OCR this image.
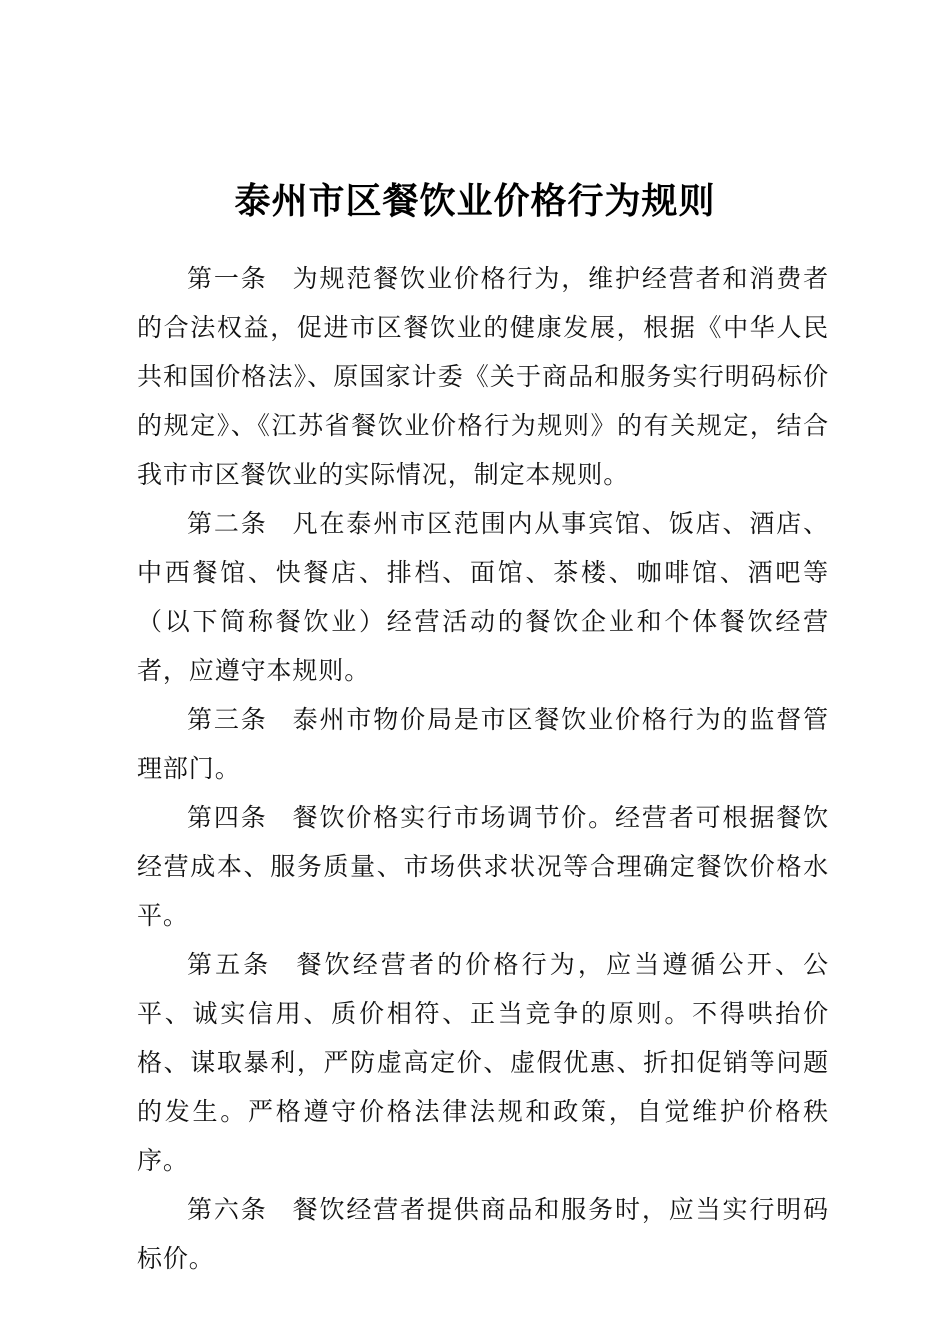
泰州市区餐饮业价格行为规则

第一条 为规范餐饮业价格行为，维护经营者和消费者的合法权益，促进市区餐饮业的健康发展，根据《中华人民共和国价格法》、原国家计委《关于商品和服务实行明码标价的规定》、《江苏省餐饮业价格行为规则》的有关规定，结合我市市区餐饮业的实际情况，制定本规则。

第二条 凡在泰州市区范围内从事宾馆、饭店、酒店、中西餐馆、快餐店、排档、面馆、茶楼、咖啡馆、酒吧等（以下简称餐饮业）经营活动的餐饮企业和个体餐饮经营者，应遵守本规则。

第三条 泰州市物价局是市区餐饮业价格行为的监督管理部门。

第四条 餐饮价格实行市场调节价。经营者可根据餐饮经营成本、服务质量、市场供求状况等合理确定餐饮价格水平。

第五条 餐饮经营者的价格行为，应当遵循公开、公平、诚实信用、质价相符、正当竞争的原则。不得哄抬价格、谋取暴利，严防虚高定价、虚假优惠、折扣促销等问题的发生。严格遵守价格法律法规和政策，自觉维护价格秩序。

第六条 餐饮经营者提供商品和服务时，应当实行明码标价。
